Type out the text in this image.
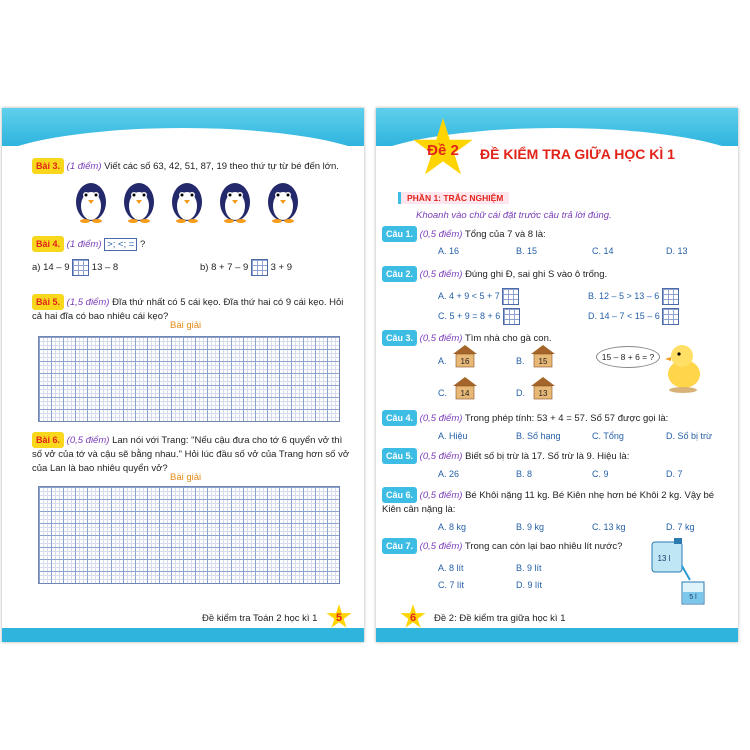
Bài 3. (1 điểm) Viết các số 63, 42, 51, 87, 19 theo thứ tự từ bé đến lớn.
Bài 4. (1 điểm) >; <; = ?
a) 14 – 9 13 – 8	b) 8 + 7 – 9 3 + 9
Bài 5. (1,5 điểm) Đĩa thứ nhất có 5 cái kẹo. Đĩa thứ hai có 9 cái kẹo. Hỏi cả hai đĩa có bao nhiêu cái kẹo?
Bài giải
Bài 6. (0,5 điểm) Lan nói với Trang: "Nếu cậu đưa cho tớ 6 quyển vở thì số vở của tớ và cậu sẽ bằng nhau." Hỏi lúc đầu số vở của Trang hơn số vở của Lan là bao nhiêu quyển vở?
Bài giải
Đề kiểm tra Toán 2 học kì 1	5
Đề 2	ĐỀ KIỂM TRA GIỮA HỌC KÌ 1
PHẦN 1: TRẮC NGHIỆM
Khoanh vào chữ cái đặt trước câu trả lời đúng.
Câu 1. (0,5 điểm) Tổng của 7 và 8 là:
A. 16	B. 15	C. 14	D. 13
Câu 2. (0,5 điểm) Đúng ghi Đ, sai ghi S vào ô trống.
A. 4 + 9 < 5 + 7	B. 12 – 5 > 13 – 6
C. 5 + 9 = 8 + 6	D. 14 – 7 < 15 – 6
Câu 3. (0,5 điểm) Tìm nhà cho gà con.
A.	B.
C.	D.
16	15
14	13
15 – 8 + 6 = ?
Câu 4. (0,5 điểm) Trong phép tính: 53 + 4 = 57. Số 57 được gọi là:
A. Hiệu	B. Số hạng	C. Tổng	D. Số bị trừ
Câu 5. (0,5 điểm) Biết số bị trừ là 17. Số trừ là 9. Hiệu là:
A. 26	B. 8	C. 9	D. 7
Câu 6. (0,5 điểm) Bé Khôi nặng 11 kg. Bé Kiên nhẹ hơn bé Khôi 2 kg. Vậy bé Kiên cân nặng là:
A. 8 kg	B. 9 kg	C. 13 kg	D. 7 kg
Câu 7. (0,5 điểm) Trong can còn lại bao nhiêu lít nước?
A. 8 lít	B. 9 lít
C. 7 lít	D. 9 lít
13 l
5 l
6	Đề 2: Đề kiểm tra giữa học kì 1
